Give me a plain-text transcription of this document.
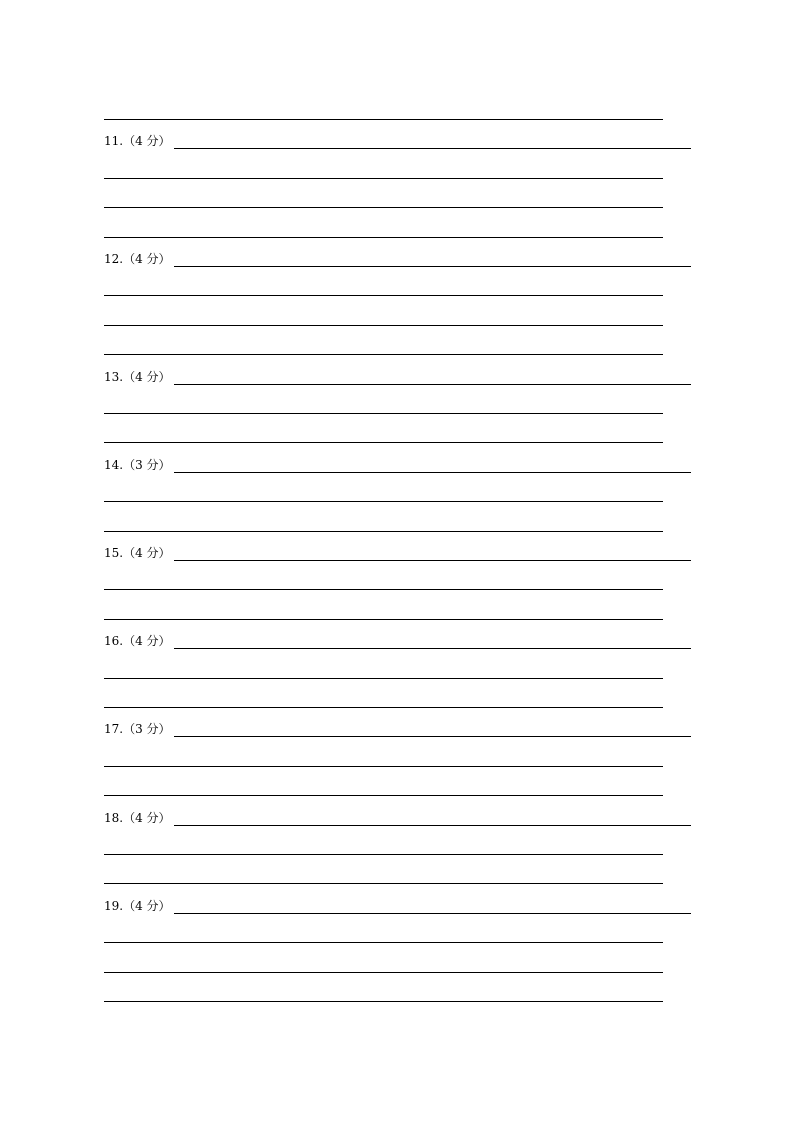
11.（4 分）
12.（4 分）
13.（4 分）
14.（3 分）
15.（4 分）
16.（4 分）
17.（3 分）
18.（4 分）
19.（4 分）
